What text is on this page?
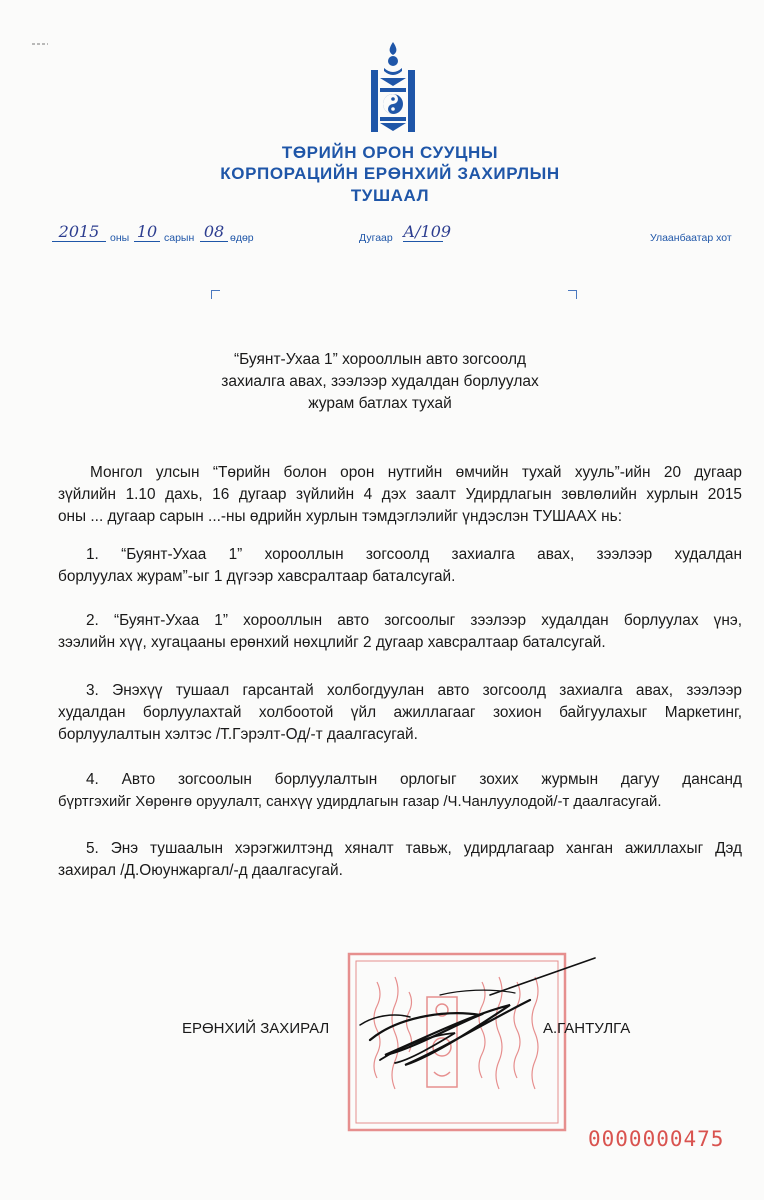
ТӨРИЙН ОРОН СУУЦНЫ
КОРПОРАЦИЙН ЕРӨНХИЙ ЗАХИРЛЫН
ТУШААЛ
2015	оны 10 сарын 08 өдөр	Дугаар А/109	Улаанбаатар хот
“Буянт-Ухаа 1” хорооллын авто зогсоолд
захиалга авах, зээлээр худалдан борлуулах
журам батлах тухай
Монгол улсын “Төрийн болон орон нутгийн өмчийн тухай хууль”-ийн 20 дугаар
зүйлийн 1.10 дахь, 16 дугаар зүйлийн 4 дэх заалт Удирдлагын зөвлөлийн хурлын 2015
оны ... дугаар сарын ...-ны өдрийн хурлын тэмдэглэлийг үндэслэн ТУШААХ нь:
1. “Буянт-Ухаа 1” хорооллын зогсоолд захиалга авах, зээлээр худалдан
борлуулах журам”-ыг 1 дүгээр хавсралтаар баталсугай.
2. “Буянт-Ухаа 1” хорооллын авто зогсоолыг зээлээр худалдан борлуулах үнэ,
зээлийн хүү, хугацааны ерөнхий нөхцлийг 2 дугаар хавсралтаар баталсугай.
3. Энэхүү тушаал гарсантай холбогдуулан авто зогсоолд захиалга авах, зээлээр
худалдан борлуулахтай холбоотой үйл ажиллагааг зохион байгуулахыг Маркетинг,
борлуулалтын хэлтэс /Т.Гэрэлт-Од/-т даалгасугай.
4. Авто зогсоолын борлуулалтын орлогыг зохих журмын дагуу дансанд
бүртгэхийг Хөрөнгө оруулалт, санхүү удирдлагын газар /Ч.Чанлуулодой/-т даалгасугай.
5. Энэ тушаалын хэрэгжилтэнд хяналт тавьж, удирдлагаар ханган ажиллахыг Дэд
захирал /Д.Оюунжаргал/-д даалгасугай.
ЕРӨНХИЙ ЗАХИРАЛ	А.ГАНТУЛГА
0000000475
